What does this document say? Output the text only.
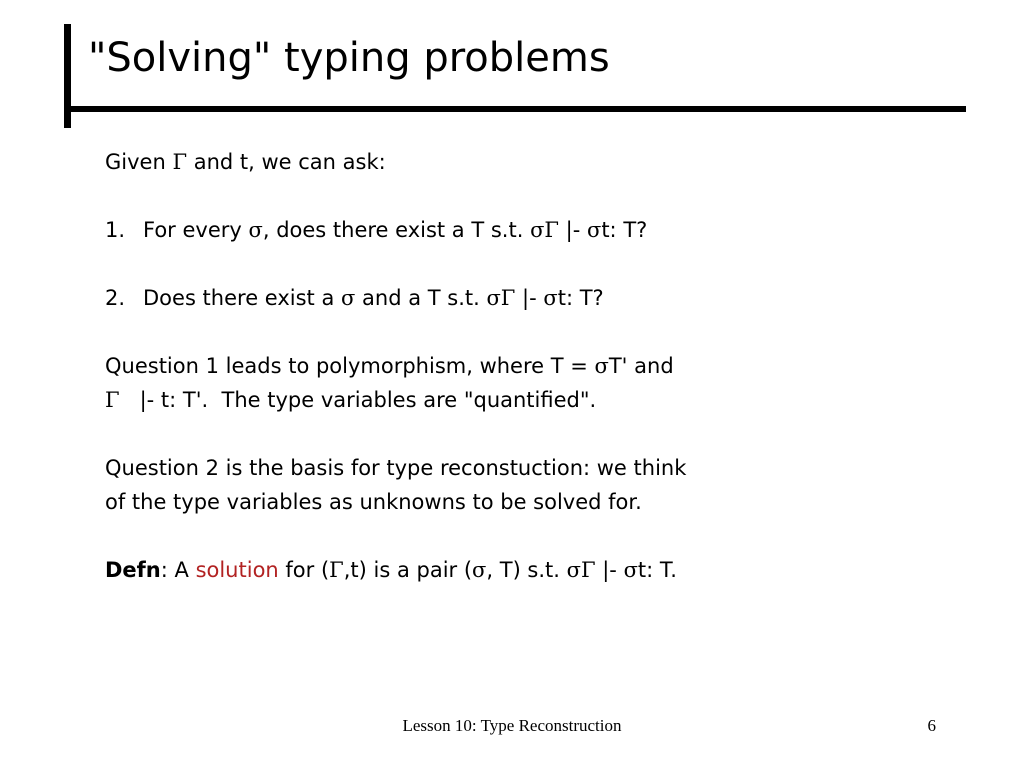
"Solving" typing problems
Given Γ and t, we can ask:
1. For every σ, does there exist a T s.t. σΓ |- σt: T?
2. Does there exist a σ and a T s.t. σΓ |- σt: T?
Question 1 leads to polymorphism, where T = σT' and
Γ   |- t: T'.  The type variables are "quantified".
Question 2 is the basis for type reconstuction: we think
of the type variables as unknowns to be solved for.
Defn: A solution for (Γ,t) is a pair (σ, T) s.t. σΓ |- σt: T.
Lesson 10: Type Reconstruction	6
